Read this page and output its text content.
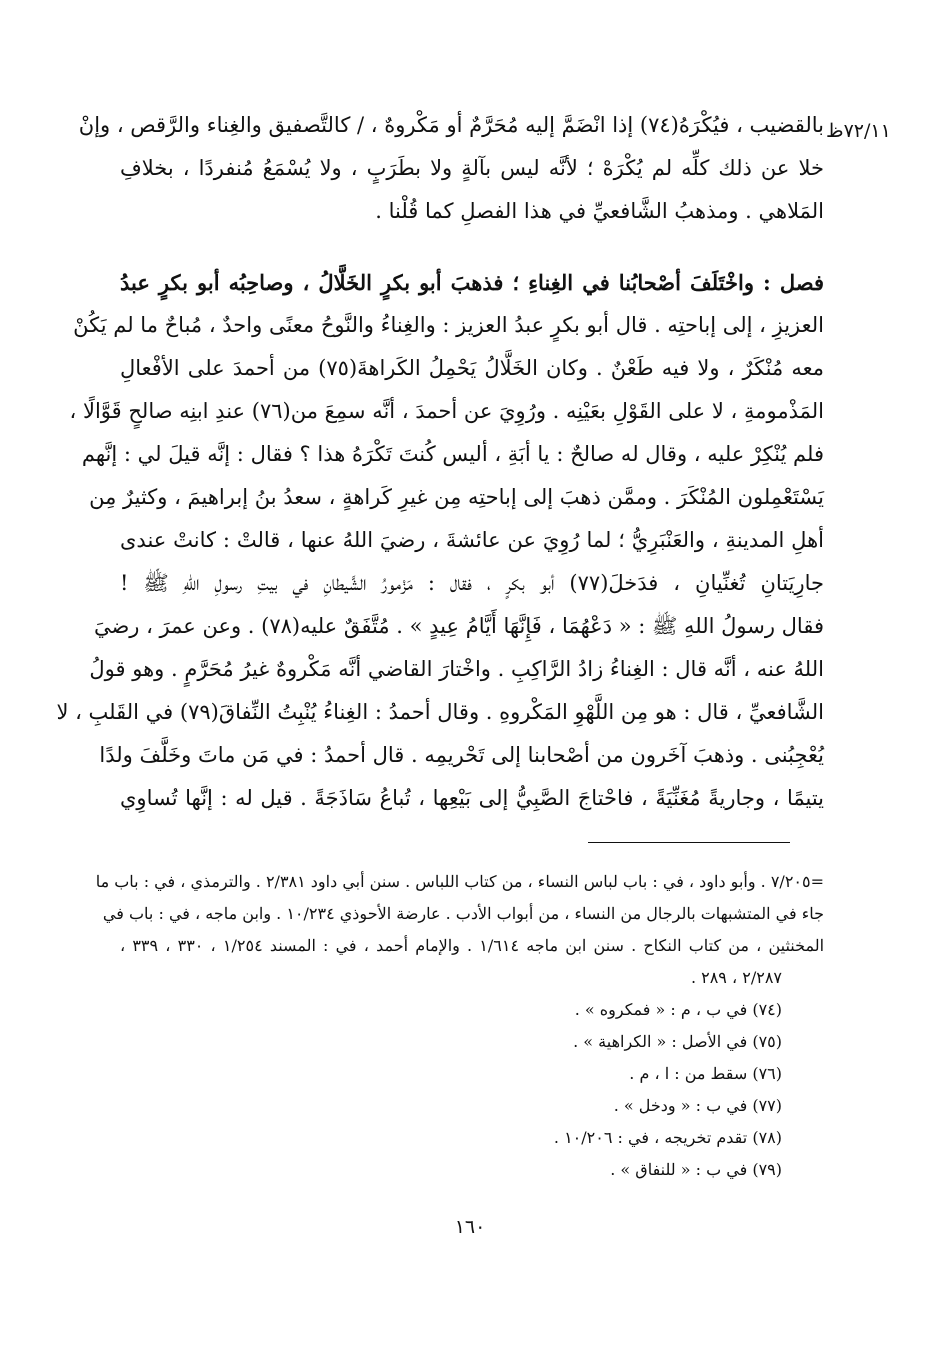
٧٢/١١ظ
بالقضيب ، فيُكْرَهُ(٧٤) إذا انْضَمَّ إليه مُحَرَّمٌ أو مَكْروهٌ ، / كالتَّصفيق والغِناء والرَّقص ، وإنْ
خلا عن ذلك كلِّه لم يُكْرَهْ ؛ لأنَّه ليس بآلةٍ ولا بطَرَبٍ ، ولا يُسْمَعُ مُنفردًا ، بخلافِ
المَلاهي . ومذهبُ الشَّافعيِّ في هذا الفصلِ كما قُلْنا .
فصل : واخْتَلَفَ أصْحابُنا في الغِناءِ ؛ فذهبَ أبو بكرٍ الخَلَّالُ ، وصاحِبُه أبو بكرٍ عبدُ
العزيزِ ، إلى إباحتِه . قال أبو بكرٍ عبدُ العزيز : والغِناءُ والنَّوحُ معنًى واحدٌ ، مُباحٌ ما لم يَكُنْ
معه مُنْكَرٌ ، ولا فيه طَعْنٌ . وكان الخَلَّالُ يَحْمِلُ الكَراهةَ(٧٥) من أحمدَ على الأفْعالِ
المَذْمومةِ ، لا على القَوْلِ بعَيْنِه . ورُوِيَ عن أحمدَ ، أنَّه سمِعَ من(٧٦) عندِ ابنِه صالحٍ قَوَّالًا ،
فلم يُنْكِرْ عليه ، وقال له صالحٌ : يا أبَةِ ، أليس كُنتَ تَكْرَهُ هذا ؟ فقال : إنَّه قيلَ لي : إنَّهم
يَسْتَعْمِلون المُنْكَرَ . وممَّن ذهبَ إلى إباحتِه مِن غيرِ كَراهةٍ ، سعدُ بنُ إبراهيمَ ، وكثيرٌ مِن
أهلِ المدينةِ ، والعَنْبَرِيُّ ؛ لما رُوِيَ عن عائشةَ ، رضيَ اللهُ عنها ، قالتْ : كانتْ عندى
جارِيَتانِ تُغنِّيانِ ، فدَخلَ(٧٧) أبو بكرٍ ، فقال : مَزْمورُ الشَّيطانِ في بيتِ رسولِ اللهِ ﷺ !
فقال رسولُ اللهِ ﷺ : « دَعْهُمَا ، فَإِنَّهَا أَيَّامُ عِيدٍ » . مُتَّفَقٌ عليه(٧٨) . وعن عمرَ ، رضيَ
اللهُ عنه ، أنَّه قال : الغِناءُ زادُ الرَّاكِبِ . واخْتارَ القاضي أنَّه مَكْروهٌ غيرُ مُحَرَّمٍ . وهو قولُ
الشَّافعيِّ ، قال : هو مِن اللَّهْوِ المَكْروهِ . وقال أحمدُ : الغِناءُ يُنْبِتُ النِّفاقَ(٧٩) في القَلبِ ، لا
يُعْجِبُنى . وذهبَ آخَرون من أصْحابنا إلى تَحْريمِه . قال أحمدُ : في مَن ماتَ وخَلَّفَ ولدًا
يتيمًا ، وجاريةً مُغَنِّيَةً ، فاحْتاجَ الصَّبِيُّ إلى بَيْعِها ، تُباعُ سَاذَجَةً . قيل له : إنَّها تُساوِي
=٧/٢٠٥ . وأبو داود ، في : باب لباس النساء ، من كتاب اللباس . سنن أبي داود ٢/٣٨١ . والترمذي ، في : باب ما
جاء في المتشبهات بالرجال من النساء ، من أبواب الأدب . عارضة الأحوذي ١٠/٢٣٤ . وابن ماجه ، في : باب في
المخنثين ، من كتاب النكاح . سنن ابن ماجه ١/٦١٤ . والإمام أحمد ، في : المسند ١/٢٥٤ ، ٣٣٠ ، ٣٣٩ ،
٢/٢٨٧ ، ٢٨٩ .
(٧٤) في ب ، م : « فمكروه » .
(٧٥) في الأصل : « الكراهية » .
(٧٦) سقط من : ا ، م .
(٧٧) في ب : « ودخل » .
(٧٨) تقدم تخريجه ، في : ١٠/٢٠٦ .
(٧٩) في ب : « للنفاق » .
١٦٠
